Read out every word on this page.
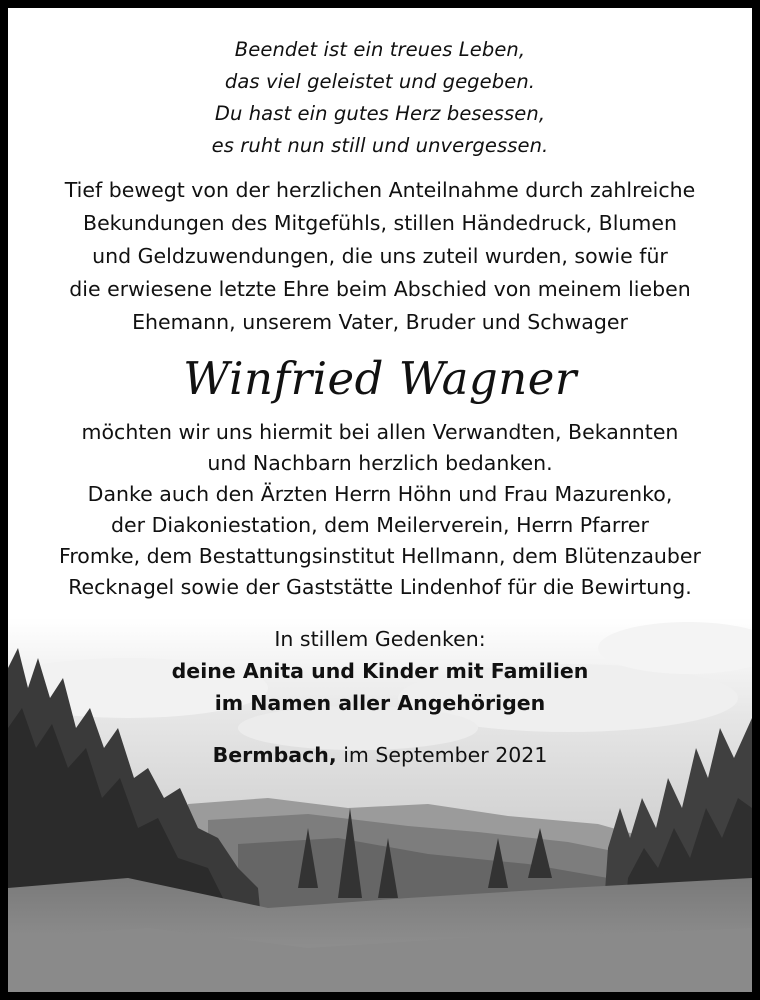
Beendet ist ein treues Leben,
das viel geleistet und gegeben.
Du hast ein gutes Herz besessen,
es ruht nun still und unvergessen.
Tief bewegt von der herzlichen Anteilnahme durch zahlreiche
Bekundungen des Mitgefühls, stillen Händedruck, Blumen
und Geldzuwendungen, die uns zuteil wurden, sowie für
die erwiesene letzte Ehre beim Abschied von meinem lieben
Ehemann, unserem Vater, Bruder und Schwager
Winfried Wagner
möchten wir uns hiermit bei allen Verwandten, Bekannten
und Nachbarn herzlich bedanken.
Danke auch den Ärzten Herrn Höhn und Frau Mazurenko,
der Diakoniestation, dem Meilerverein, Herrn Pfarrer
Fromke, dem Bestattungsinstitut Hellmann, dem Blütenzauber
Recknagel sowie der Gaststätte Lindenhof für die Bewirtung.
In stillem Gedenken:
deine Anita und Kinder mit Familien
im Namen aller Angehörigen
Bermbach, im September 2021
